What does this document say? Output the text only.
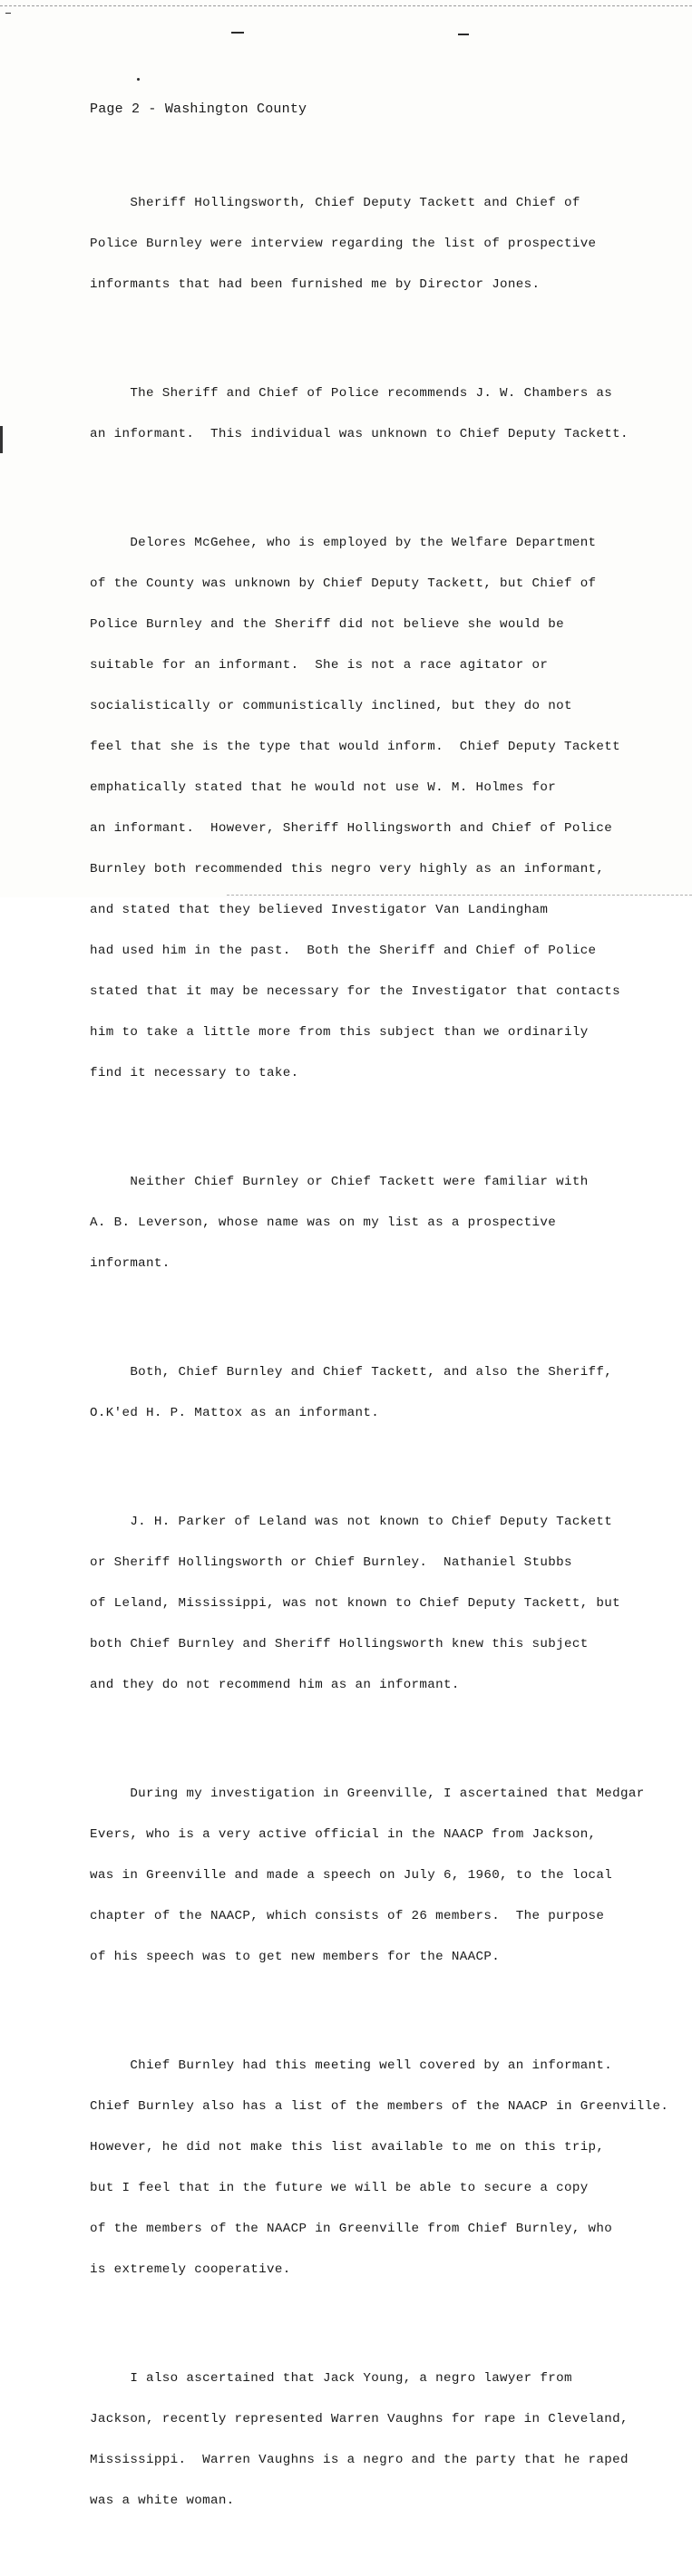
Page 2 - Washington County

Sheriff Hollingsworth, Chief Deputy Tackett and Chief of

Police Burnley were interview regarding the list of prospective

informants that had been furnished me by Director Jones.

The Sheriff and Chief of Police recommends J. W. Chambers as

an informant.  This individual was unknown to Chief Deputy Tackett.

Delores McGehee, who is employed by the Welfare Department

of the County was unknown by Chief Deputy Tackett, but Chief of

Police Burnley and the Sheriff did not believe she would be

suitable for an informant.  She is not a race agitator or

socialistically or communistically inclined, but they do not

feel that she is the type that would inform.  Chief Deputy Tackett

emphatically stated that he would not use W. M. Holmes for

an informant.  However, Sheriff Hollingsworth and Chief of Police

Burnley both recommended this negro very highly as an informant,

and stated that they believed Investigator Van Landingham

had used him in the past.  Both the Sheriff and Chief of Police

stated that it may be necessary for the Investigator that contacts

him to take a little more from this subject than we ordinarily

find it necessary to take.

Neither Chief Burnley or Chief Tackett were familiar with

A. B. Leverson, whose name was on my list as a prospective

informant.

Both, Chief Burnley and Chief Tackett, and also the Sheriff,

O.K'ed H. P. Mattox as an informant.

J. H. Parker of Leland was not known to Chief Deputy Tackett

or Sheriff Hollingsworth or Chief Burnley.  Nathaniel Stubbs

of Leland, Mississippi, was not known to Chief Deputy Tackett, but

both Chief Burnley and Sheriff Hollingsworth knew this subject

and they do not recommend him as an informant.

During my investigation in Greenville, I ascertained that Medgar

Evers, who is a very active official in the NAACP from Jackson,

was in Greenville and made a speech on July 6, 1960, to the local

chapter of the NAACP, which consists of 26 members.  The purpose

of his speech was to get new members for the NAACP.

Chief Burnley had this meeting well covered by an informant.

Chief Burnley also has a list of the members of the NAACP in Greenville.

However, he did not make this list available to me on this trip,

but I feel that in the future we will be able to secure a copy

of the members of the NAACP in Greenville from Chief Burnley, who

is extremely cooperative.

I also ascertained that Jack Young, a negro lawyer from

Jackson, recently represented Warren Vaughns for rape in Cleveland,

Mississippi.  Warren Vaughns is a negro and the party that he raped

was a white woman.
